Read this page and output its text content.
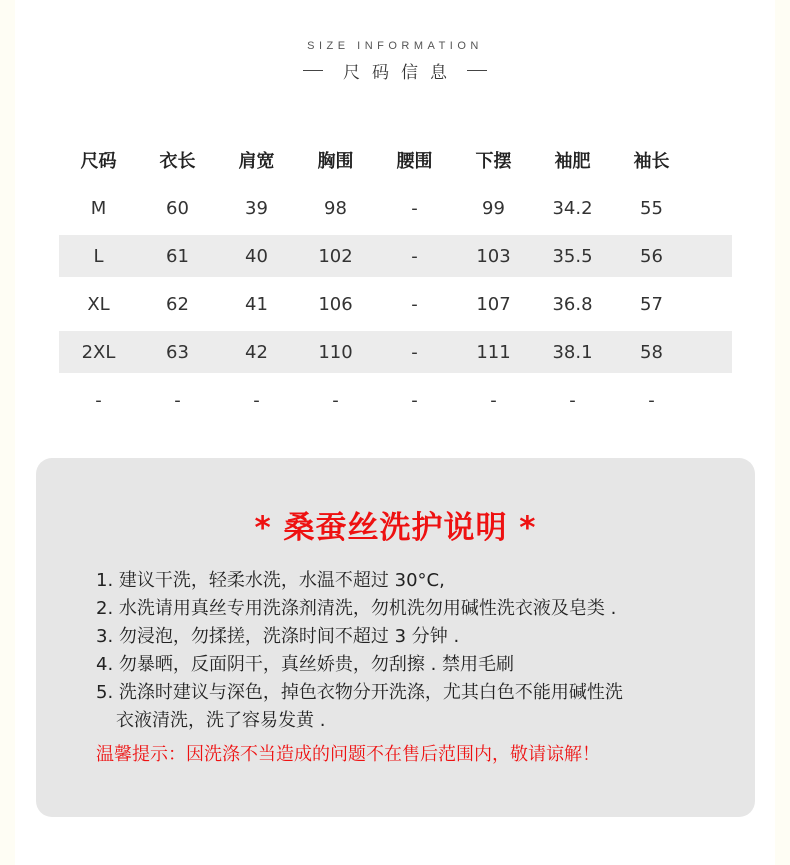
SIZE INFORMATION
尺码信息
尺码	衣长	肩宽	胸围	腰围	下摆	袖肥	袖长
M	60	39	98	-	99	34.2	55
L	61	40	102	-	103	35.5	56
XL	62	41	106	-	107	36.8	57
2XL	63	42	110	-	111	38.1	58
-	-	-	-	-	-	-	-
* 桑蚕丝洗护说明 *
1. 建议干洗，轻柔水洗，水温不超过 30°C,
2. 水洗请用真丝专用洗涤剂清洗，勿机洗勿用碱性洗衣液及皂类 .
3. 勿浸泡，勿揉搓，洗涤时间不超过 3 分钟 .
4. 勿暴晒，反面阴干，真丝娇贵，勿刮擦 . 禁用毛刷
5. 洗涤时建议与深色，掉色衣物分开洗涤，尤其白色不能用碱性洗
衣液清洗，洗了容易发黄 .
温馨提示：因洗涤不当造成的问题不在售后范围内，敬请谅解！
